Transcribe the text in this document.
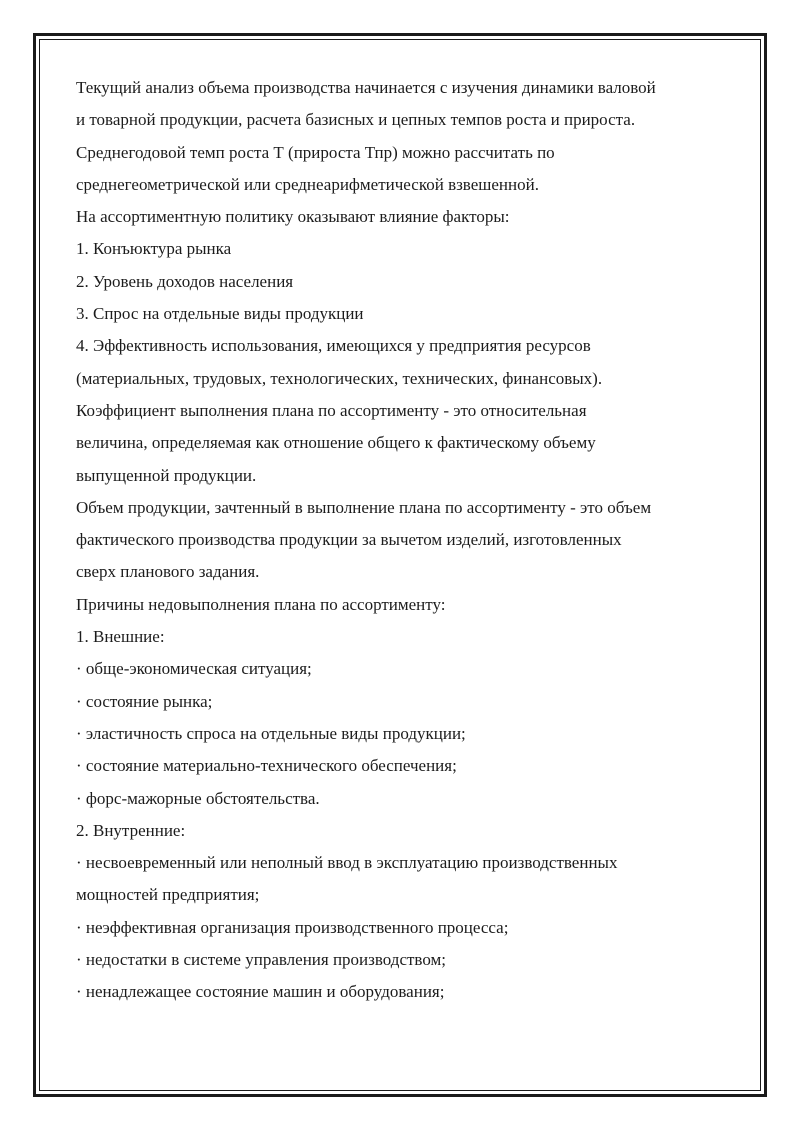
Текущий анализ объема производства начинается с изучения динамики валовой
и товарной продукции, расчета базисных и цепных темпов роста и прироста.
Среднегодовой темп роста Т (прироста Тпр) можно рассчитать по
среднегеометрической или среднеарифметической взвешенной.
На ассортиментную политику оказывают влияние факторы:
1. Конъюктура рынка
2. Уровень доходов населения
3. Спрос на отдельные виды продукции
4. Эффективность использования, имеющихся у предприятия ресурсов
(материальных, трудовых, технологических, технических, финансовых).
Коэффициент выполнения плана по ассортименту - это относительная
величина, определяемая как отношение общего к фактическому объему
выпущенной продукции.
Объем продукции, зачтенный в выполнение плана по ассортименту - это объем
фактического производства продукции за вычетом изделий, изготовленных
сверх планового задания.
Причины недовыполнения плана по ассортименту:
1. Внешние:
· обще-экономическая ситуация;
· состояние рынка;
· эластичность спроса на отдельные виды продукции;
· состояние материально-технического обеспечения;
· форс-мажорные обстоятельства.
2. Внутренние:
· несвоевременный или неполный ввод в эксплуатацию производственных
мощностей предприятия;
· неэффективная организация производственного процесса;
· недостатки в системе управления производством;
· ненадлежащее состояние машин и оборудования;
